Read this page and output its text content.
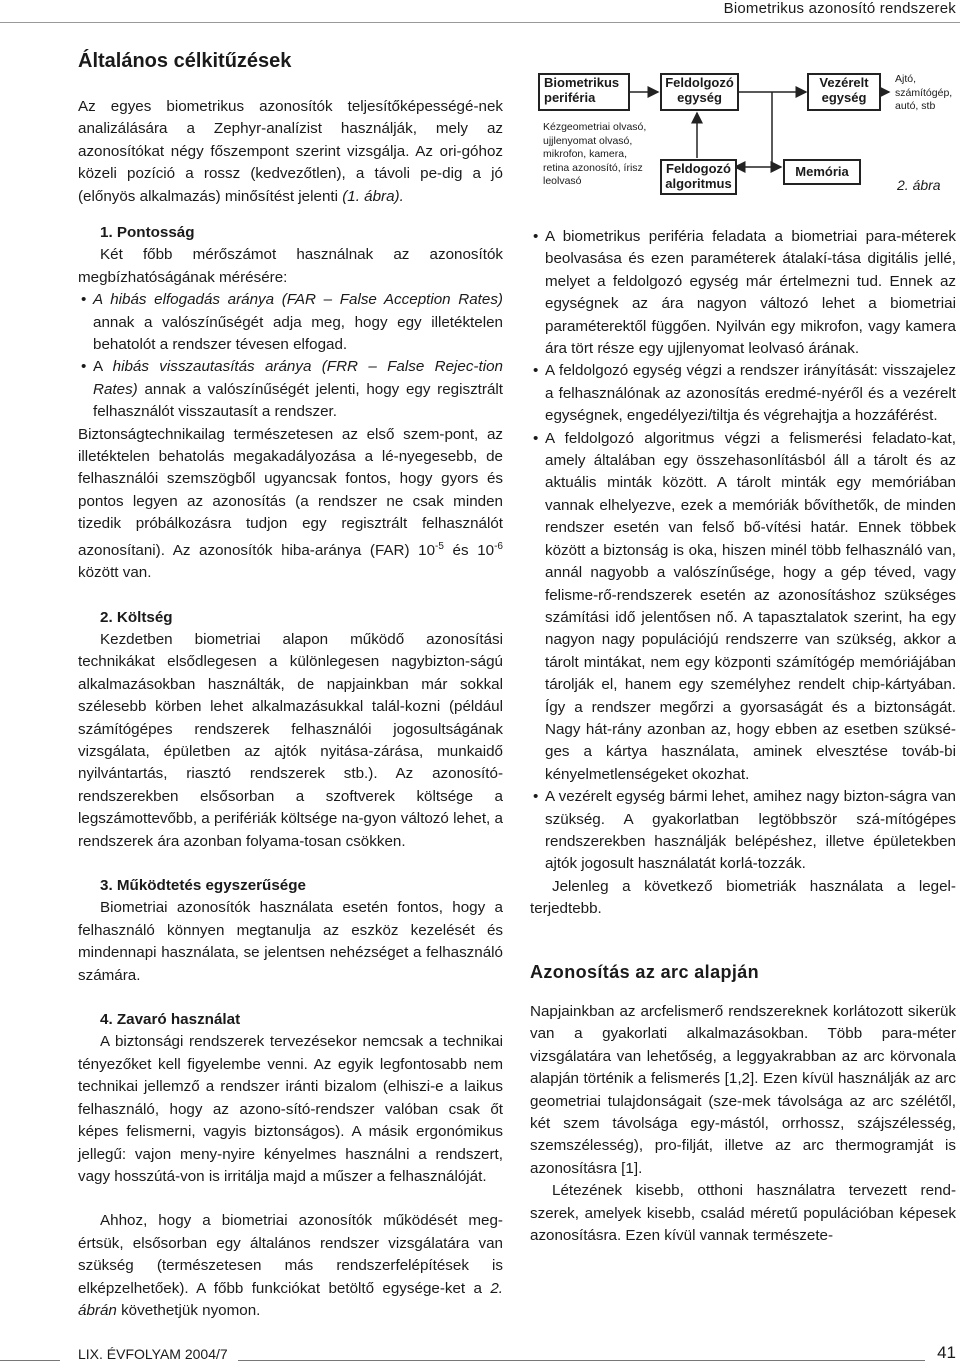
Biometrikus azonosító rendszerek
Általános célkitűzések

Az egyes biometrikus azonosítók teljesítőképességé-nek analizálására a Zephyr-analízist használják, mely az azonosítókat négy főszempont szerint vizsgálja. Az ori-góhoz közeli pozíció a rossz (kedvezőtlen), a távoli pe-dig a jó (előnyös alkalmazás) minősítést jelenti (1. ábra).

Biometrikus
periféria
Kézgeometriai olvasó,
ujjlenyomat olvasó,
mikrofon, kamera,
retina azonosító, írisz
leolvasó
Feldolgozó
egység
Vezérelt
egység
Ajtó,
számítógép,
autó, stb
Feldogozó
algoritmus
Memória
2. ábra

1. Pontosság

Két főbb mérőszámot használnak az azonosítók megbízhatóságának mérésére:

• A hibás elfogadás aránya (FAR – False Acception Rates) annak a valószínűségét adja meg, hogy egy illetéktelen behatolót a rendszer tévesen elfogad.
• A hibás visszautasítás aránya (FRR – False Rejec-tion Rates) annak a valószínűségét jelenti, hogy egy regisztrált felhasználót visszautasít a rendszer.

Biztonságtechnikailag természetesen az első szem-pont, az illetéktelen behatolás megakadályozása a lé-nyegesebb, de felhasználói szemszögből ugyancsak fontos, hogy gyors és pontos legyen az azonosítás (a rendszer ne csak minden tizedik próbálkozásra tudjon egy regisztrált felhasználót azonosítani). Az azonosítók hiba-aránya (FAR) $10^{-5}$ és $10^{-6}$ között van.

2. Költség

Kezdetben biometriai alapon működő azonosítási technikákat elsődlegesen a különlegesen nagybizton-ságú alkalmazásokban használták, de napjainkban már sokkal szélesebb körben lehet alkalmazásukkal talál-kozni (például számítógépes rendszerek felhasználói jogosultságának vizsgálata, épületben az ajtók nyitása-zárása, munkaidő nyilvántartás, riasztó rendszerek stb.). Az azonosító-rendszerekben elsősorban a szoftverek költsége a legszámottevőbb, a perifériák költsége na-gyon változó lehet, a rendszerek ára azonban folyama-tosan csökken.

3. Működtetés egyszerűsége

Biometriai azonosítók használata esetén fontos, hogy a felhasználó könnyen megtanulja az eszköz kezelését és mindennapi használata, se jelentsen nehézséget a felhasználó számára.

4. Zavaró használat

A biztonsági rendszerek tervezésekor nemcsak a technikai tényezőket kell figyelembe venni. Az egyik legfontosabb nem technikai jellemző a rendszer iránti bizalom (elhiszi-e a laikus felhasználó, hogy az azono-sító-rendszer valóban csak őt képes felismerni, vagyis biztonságos). A másik ergonómikus jellegű: vajon meny-nyire kényelmes használni a rendszert, vagy hosszútá-von is irritálja majd a műszer a felhasználóját.

Ahhoz, hogy a biometriai azonosítók működését meg-értsük, elsősorban egy általános rendszer vizsgálatára van szükség (természetesen más rendszerfelépítések is elképzelhetőek). A főbb funkciókat betöltő egysége-ket a 2. ábrán követhetjük nyomon.

• A biometrikus periféria feladata a biometriai para-méterek beolvasása és ezen paraméterek átalakí-tása digitális jellé, melyet a feldolgozó egység már értelmezni tud. Ennek az egységnek az ára nagyon változó lehet a biometriai paraméterektől függően. Nyilván egy mikrofon, vagy kamera ára tört része egy ujjlenyomat leolvasó árának.
• A feldolgozó egység végzi a rendszer irányítását: visszajelez a felhasználónak az azonosítás eredmé-nyéről és a vezérelt egységnek, engedélyezi/tiltja és végrehajtja a hozzáférést.
• A feldolgozó algoritmus végzi a felismerési feladato-kat, amely általában egy összehasonlításból áll a tárolt és az aktuális minták között. A tárolt minták egy memóriában vannak elhelyezve, ezek a memóriák bővíthetők, de minden rendszer esetén van felső bő-vítési határ. Ennek többek között a biztonság is oka, hiszen minél több felhasználó van, annál nagyobb a valószínűsége, hogy a gép téved, vagy felisme-rő-rendszerek esetén az azonosításhoz szükséges számítási idő jelentősen nő. A tapasztalatok szerint, ha egy nagyon nagy populációjú rendszerre van szükség, akkor a tárolt mintákat, nem egy központi számítógép memóriájában tárolják el, hanem egy személyhez rendelt chip-kártyában. Így a rendszer megőrzi a gyorsaságát és a biztonságát. Nagy hát-rány azonban az, hogy ebben az esetben szüksé-ges a kártya használata, aminek elvesztése továb-bi kényelmetlenségeket okozhat.
• A vezérelt egység bármi lehet, amihez nagy bizton-ságra van szükség. A gyakorlatban legtöbbször szá-mítógépes rendszerekben használják belépéshez, illetve épületekben ajtók jogosult használatát korlá-tozzák.

Jelenleg a következő biometriák használata a legel-terjedtebb.

Azonosítás az arc alapján

Napjainkban az arcfelismerő rendszereknek korlátozott sikerük van a gyakorlati alkalmazásokban. Több para-méter vizsgálatára van lehetőség, a leggyakrabban az arc körvonala alapján történik a felismerés [1,2]. Ezen kívül használják az arc geometriai tulajdonságait (sze-mek távolsága az arc szélétől, két szem távolsága egy-mástól, orrhossz, szájszélesség, szemszélesség), pro-filját, illetve az arc thermogramját is azonosításra [1].

Létezének kisebb, otthoni használatra tervezett rend-szerek, amelyek kisebb, család méretű populációban képesek azonosításra. Ezen kívül vannak természete-

LIX. ÉVFOLYAM 2004/7	41
